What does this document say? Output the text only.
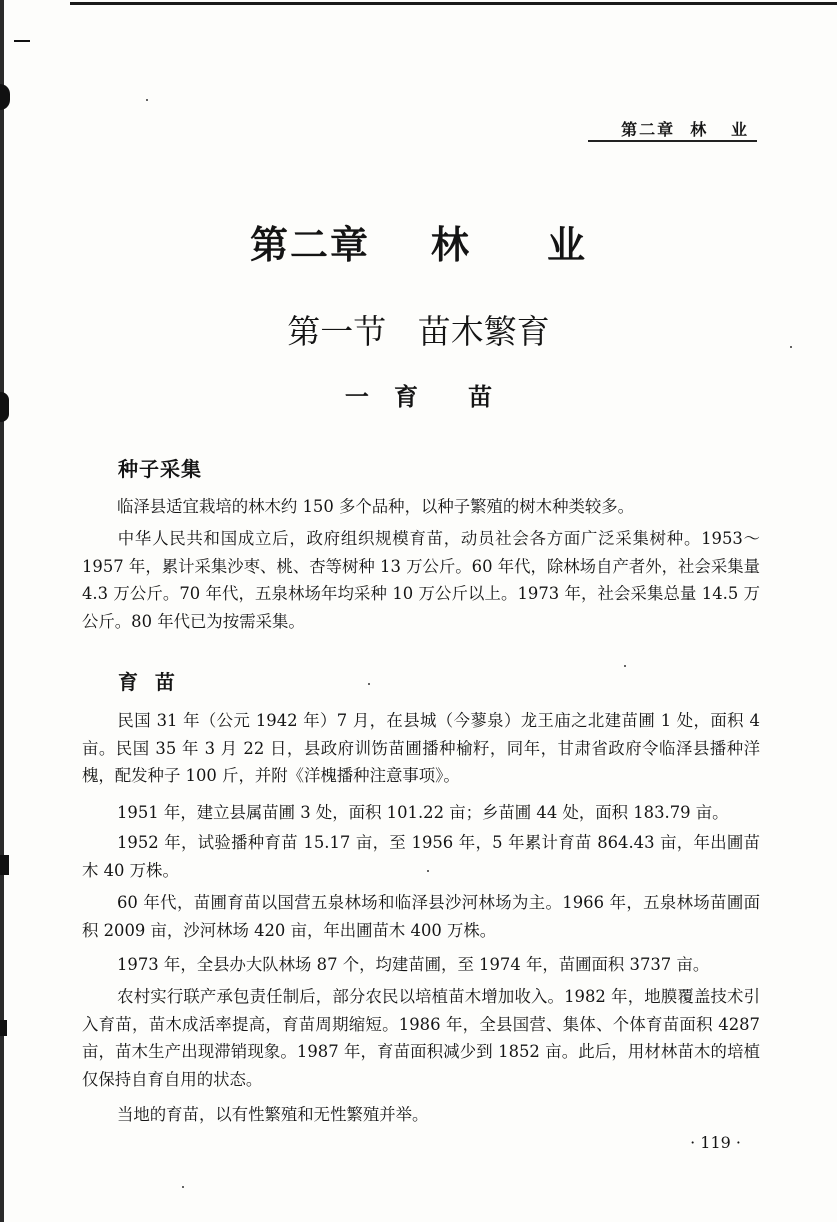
第二章  林   业
第二章    林     业
第一节   苗木繁育
一   育      苗
种子采集
临泽县适宜栽培的林木约 150 多个品种，以种子繁殖的树木种类较多。
中华人民共和国成立后，政府组织规模育苗，动员社会各方面广泛采集树种。1953～1957 年，累计采集沙枣、桃、杏等树种 13 万公斤。60 年代，除林场自产者外，社会采集量 4.3 万公斤。70 年代，五泉林场年均采种 10 万公斤以上。1973 年，社会采集总量 14.5 万公斤。80 年代已为按需采集。
育  苗
民国 31 年（公元 1942 年）7 月，在县城（今蓼泉）龙王庙之北建苗圃 1 处，面积 4 亩。民国 35 年 3 月 22 日，县政府训饬苗圃播种榆籽，同年，甘肃省政府令临泽县播种洋槐，配发种子 100 斤，并附《洋槐播种注意事项》。
1951 年，建立县属苗圃 3 处，面积 101.22 亩；乡苗圃 44 处，面积 183.79 亩。
1952 年，试验播种育苗 15.17 亩，至 1956 年，5 年累计育苗 864.43 亩，年出圃苗木 40 万株。
60 年代，苗圃育苗以国营五泉林场和临泽县沙河林场为主。1966 年，五泉林场苗圃面积 2009 亩，沙河林场 420 亩，年出圃苗木 400 万株。
1973 年，全县办大队林场 87 个，均建苗圃，至 1974 年，苗圃面积 3737 亩。
农村实行联产承包责任制后，部分农民以培植苗木增加收入。1982 年，地膜覆盖技术引入育苗，苗木成活率提高，育苗周期缩短。1986 年，全县国营、集体、个体育苗面积 4287 亩，苗木生产出现滞销现象。1987 年，育苗面积减少到 1852 亩。此后，用材林苗木的培植仅保持自育自用的状态。
当地的育苗，以有性繁殖和无性繁殖并举。
· 119 ·
